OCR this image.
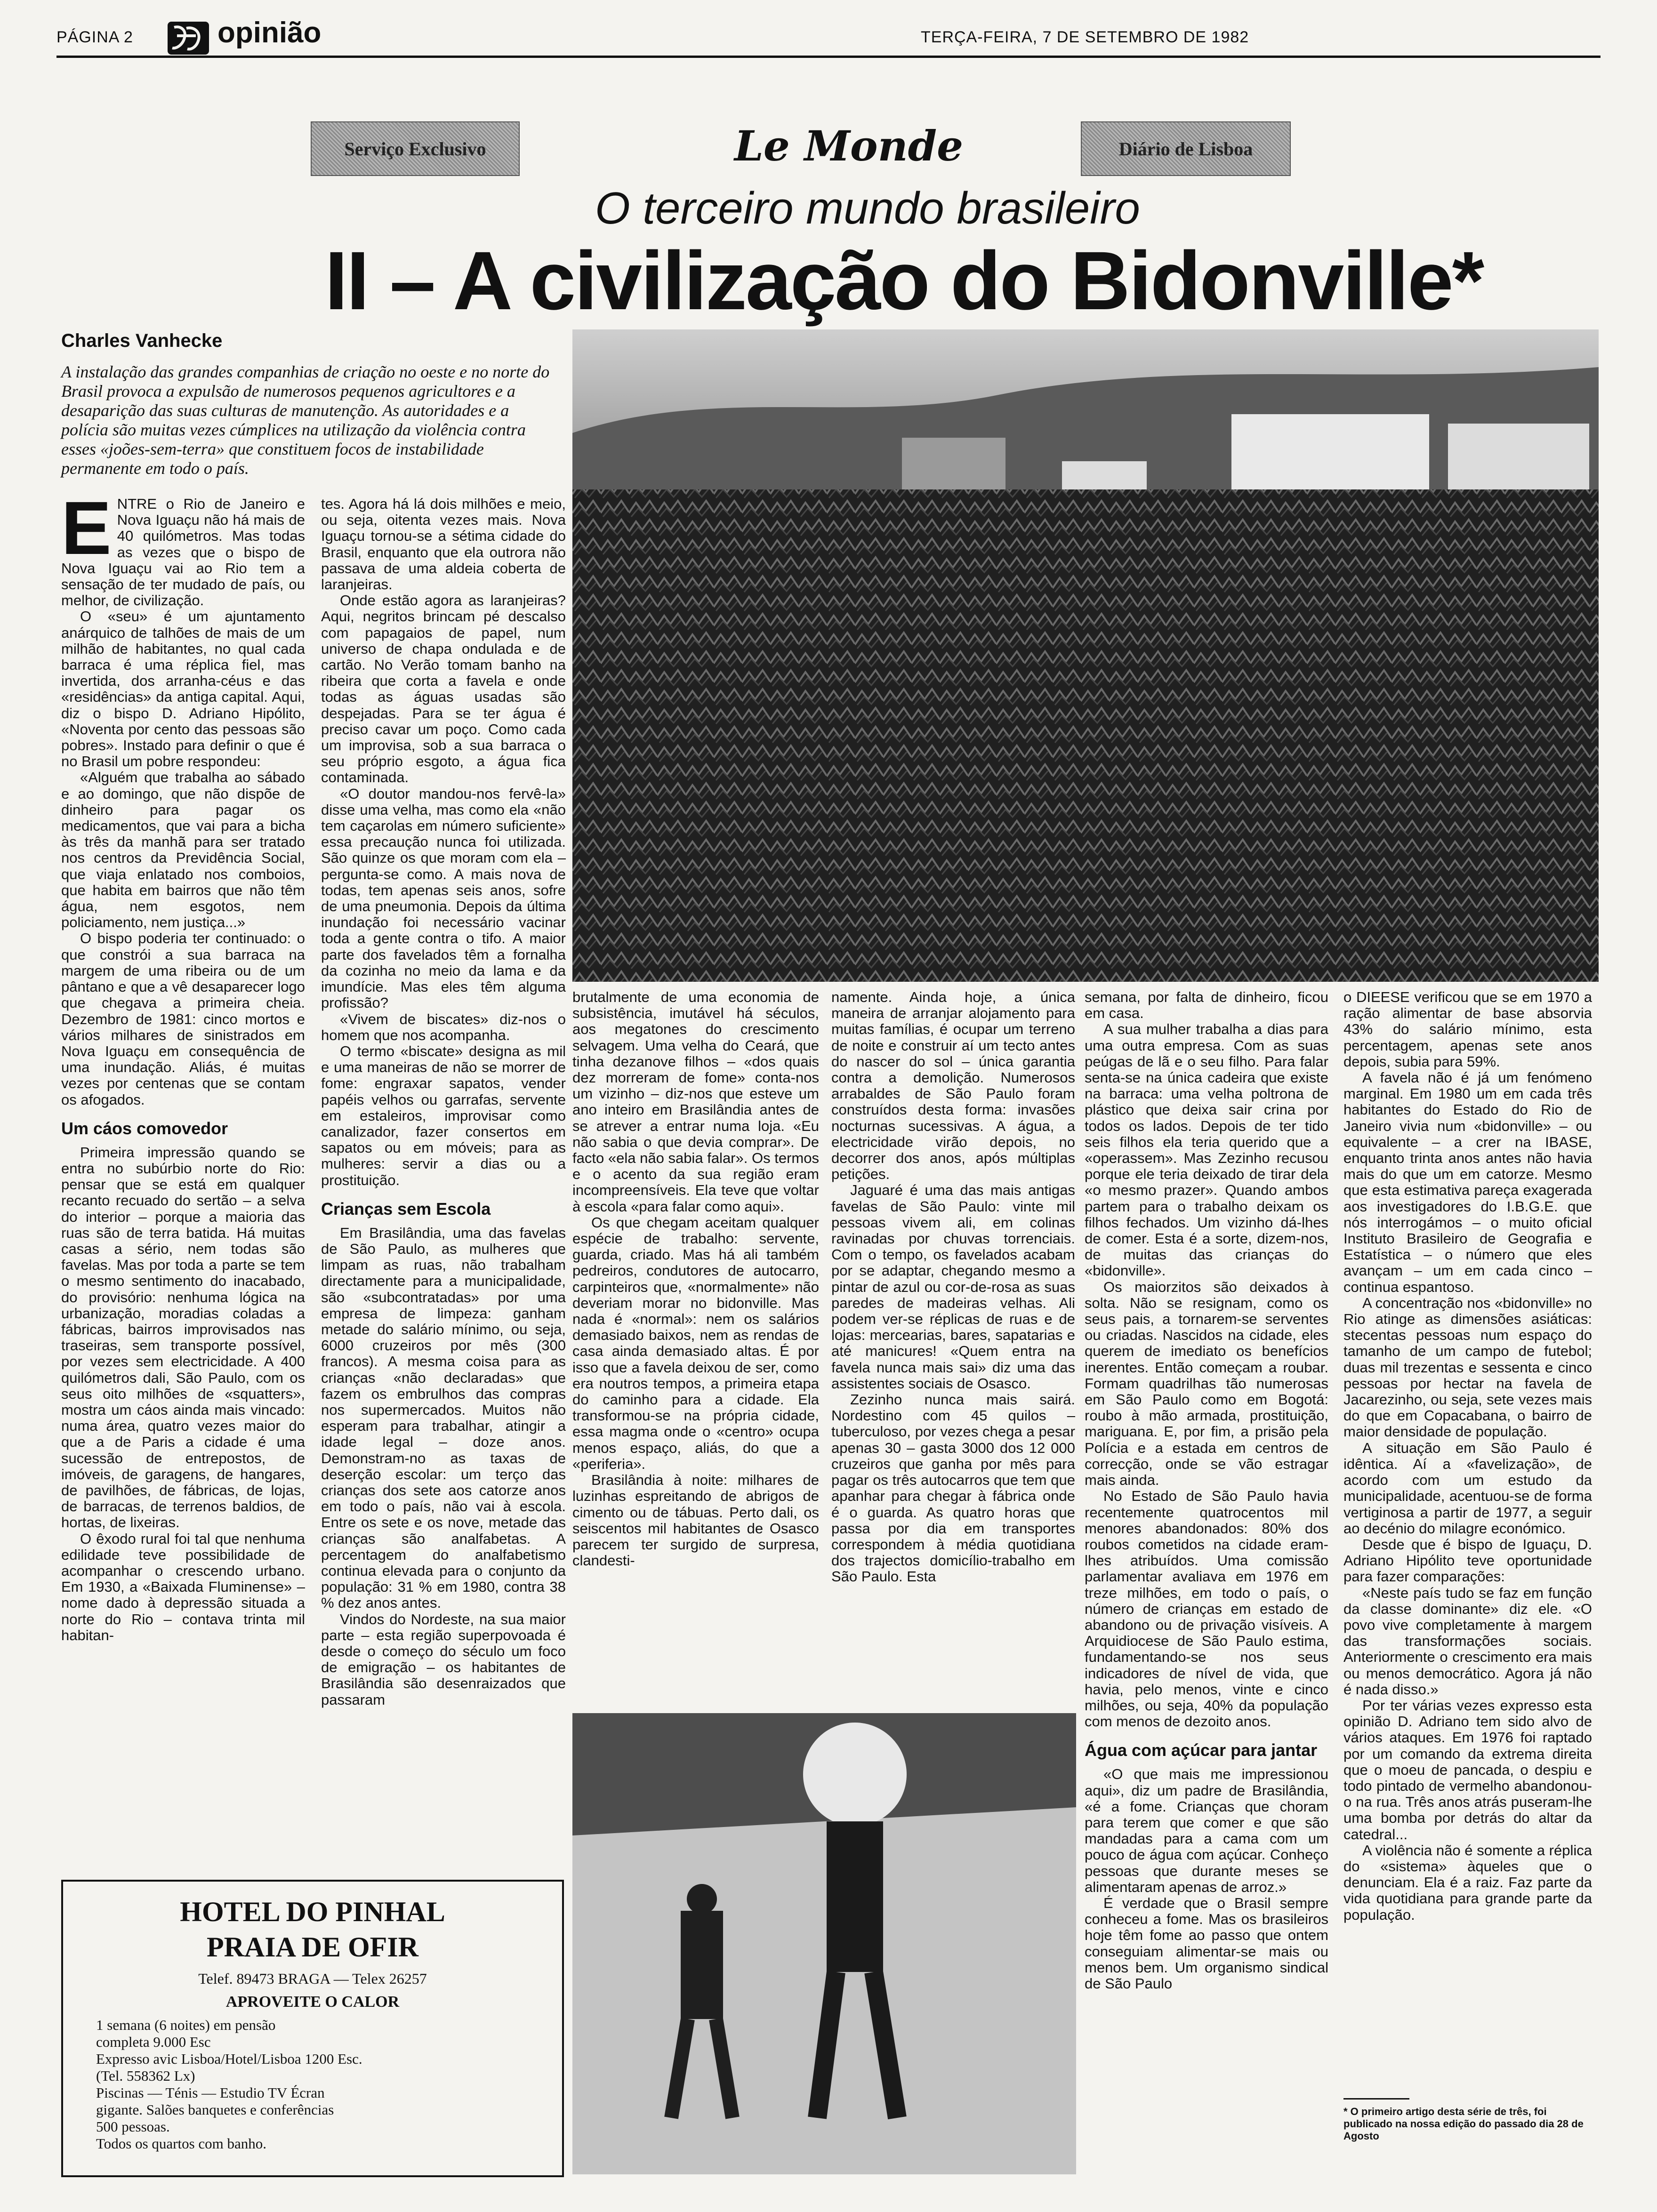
PÁGINA 2	opinião	TERÇA-FEIRA, 7 DE SETEMBRO DE 1982
Serviço Exclusivo	Le Monde	Diário de Lisboa
O terceiro mundo brasileiro
II – A civilização do Bidonville*
Charles Vanhecke
A instalação das grandes companhias de criação no oeste e no norte do Brasil provoca a expulsão de numerosos pequenos agricultores e a desaparição das suas culturas de manutenção. As autoridades e a polícia são muitas vezes cúmplices na utilização da violência contra esses «joões-sem-terra» que constituem focos de instabilidade permanente em todo o país.
E NTRE o Rio de Janeiro e Nova Iguaçu não há mais de 40 quilómetros. Mas todas as vezes que o bispo de Nova Iguaçu vai ao Rio tem a sensação de ter mudado de país, ou melhor, de civilização.

O «seu» é um ajuntamento anárquico de talhões de mais de um milhão de habitantes, no qual cada barraca é uma réplica fiel, mas invertida, dos arranha-céus e das «residências» da antiga capital. Aqui, diz o bispo D. Adriano Hipólito, «Noventa por cento das pessoas são pobres». Instado para definir o que é no Brasil um pobre respondeu:

«Alguém que trabalha ao sábado e ao domingo, que não dispõe de dinheiro para pagar os medicamentos, que vai para a bicha às três da manhã para ser tratado nos centros da Previdência Social, que viaja enlatado nos comboios, que habita em bairros que não têm água, nem esgotos, nem policiamento, nem justiça...»

O bispo poderia ter continuado: o que constrói a sua barraca na margem de uma ribeira ou de um pântano e que a vê desaparecer logo que chegava a primeira cheia. Dezembro de 1981: cinco mortos e vários milhares de sinistrados em Nova Iguaçu em consequência de uma inundação. Aliás, é muitas vezes por centenas que se contam os afogados.

Um cáos comovedor

Primeira impressão quando se entra no subúrbio norte do Rio: pensar que se está em qualquer recanto recuado do sertão – a selva do interior – porque a maioria das ruas são de terra batida. Há muitas casas a sério, nem todas são favelas. Mas por toda a parte se tem o mesmo sentimento do inacabado, do provisório: nenhuma lógica na urbanização, moradias coladas a fábricas, bairros improvisados nas traseiras, sem transporte possível, por vezes sem electricidade. A 400 quilómetros dali, São Paulo, com os seus oito milhões de «squatters», mostra um cáos ainda mais vincado: numa área, quatro vezes maior do que a de Paris a cidade é uma sucessão de entrepostos, de imóveis, de garagens, de hangares, de pavilhões, de fábricas, de lojas, de barracas, de terrenos baldios, de hortas, de lixeiras.

O êxodo rural foi tal que nenhuma edilidade teve possibilidade de acompanhar o crescendo urbano. Em 1930, a «Baixada Fluminense» – nome dado à depressão situada a norte do Rio – contava trinta mil habitan-

tes. Agora há lá dois milhões e meio, ou seja, oitenta vezes mais. Nova Iguaçu tornou-se a sétima cidade do Brasil, enquanto que ela outrora não passava de uma aldeia coberta de laranjeiras.

Onde estão agora as laranjeiras? Aqui, negritos brincam pé descalso com papagaios de papel, num universo de chapa ondulada e de cartão. No Verão tomam banho na ribeira que corta a favela e onde todas as águas usadas são despejadas. Para se ter água é preciso cavar um poço. Como cada um improvisa, sob a sua barraca o seu próprio esgoto, a água fica contaminada.

«O doutor mandou-nos fervê-la» disse uma velha, mas como ela «não tem caçarolas em número suficiente» essa precaução nunca foi utilizada. São quinze os que moram com ela – pergunta-se como. A mais nova de todas, tem apenas seis anos, sofre de uma pneumonia. Depois da última inundação foi necessário vacinar toda a gente contra o tifo. A maior parte dos favelados têm a fornalha da cozinha no meio da lama e da imundície. Mas eles têm alguma profissão?

«Vivem de biscates» diz-nos o homem que nos acompanha.

O termo «biscate» designa as mil e uma maneiras de não se morrer de fome: engraxar sapatos, vender papéis velhos ou garrafas, servente em estaleiros, improvisar como canalizador, fazer consertos em sapatos ou em móveis; para as mulheres: servir a dias ou a prostituição.

Crianças sem Escola

Em Brasilândia, uma das favelas de São Paulo, as mulheres que limpam as ruas, não trabalham directamente para a municipalidade, são «subcontratadas» por uma empresa de limpeza: ganham metade do salário mínimo, ou seja, 6000 cruzeiros por mês (300 francos). A mesma coisa para as crianças «não declaradas» que fazem os embrulhos das compras nos supermercados. Muitos não esperam para trabalhar, atingir a idade legal – doze anos. Demonstram-no as taxas de deserção escolar: um terço das crianças dos sete aos catorze anos em todo o país, não vai à escola. Entre os sete e os nove, metade das crianças são analfabetas. A percentagem do analfabetismo continua elevada para o conjunto da população: 31 % em 1980, contra 38 % dez anos antes.

Vindos do Nordeste, na sua maior parte – esta região superpovoada é desde o começo do século um foco de emigração – os habitantes de Brasilândia são desenraizados que passaram

brutalmente de uma economia de subsistência, imutável há séculos, aos megatones do crescimento selvagem. Uma velha do Ceará, que tinha dezanove filhos – «dos quais dez morreram de fome» conta-nos um vizinho – diz-nos que esteve um ano inteiro em Brasilândia antes de se atrever a entrar numa loja. «Eu não sabia o que devia comprar». De facto «ela não sabia falar». Os termos e o acento da sua região eram incompreensíveis. Ela teve que voltar à escola «para falar como aqui».

Os que chegam aceitam qualquer espécie de trabalho: servente, guarda, criado. Mas há ali também pedreiros, condutores de autocarro, carpinteiros que, «normalmente» não deveriam morar no bidonville. Mas nada é «normal»: nem os salários demasiado baixos, nem as rendas de casa ainda demasiado altas. É por isso que a favela deixou de ser, como era noutros tempos, a primeira etapa do caminho para a cidade. Ela transformou-se na própria cidade, essa magma onde o «centro» ocupa menos espaço, aliás, do que a «periferia».

Brasilândia à noite: milhares de luzinhas espreitando de abrigos de cimento ou de tábuas. Perto dali, os seiscentos mil habitantes de Osasco parecem ter surgido de surpresa, clandesti-

namente. Ainda hoje, a única maneira de arranjar alojamento para muitas famílias, é ocupar um terreno de noite e construir aí um tecto antes do nascer do sol – única garantia contra a demolição. Numerosos arrabaldes de São Paulo foram construídos desta forma: invasões nocturnas sucessivas. A água, a electricidade virão depois, no decorrer dos anos, após múltiplas petições.

Jaguaré é uma das mais antigas favelas de São Paulo: vinte mil pessoas vivem ali, em colinas ravinadas por chuvas torrenciais. Com o tempo, os favelados acabam por se adaptar, chegando mesmo a pintar de azul ou cor-de-rosa as suas paredes de madeiras velhas. Ali podem ver-se réplicas de ruas e de lojas: mercearias, bares, sapatarias e até manicures! «Quem entra na favela nunca mais sai» diz uma das assistentes sociais de Osasco.

Zezinho nunca mais sairá. Nordestino com 45 quilos – tuberculoso, por vezes chega a pesar apenas 30 – gasta 3000 dos 12 000 cruzeiros que ganha por mês para pagar os três autocarros que tem que apanhar para chegar à fábrica onde é o guarda. As quatro horas que passa por dia em transportes correspondem à média quotidiana dos trajectos domicílio-trabalho em São Paulo. Esta

semana, por falta de dinheiro, ficou em casa.

A sua mulher trabalha a dias para uma outra empresa. Com as suas peúgas de lã e o seu filho. Para falar senta-se na única cadeira que existe na barraca: uma velha poltrona de plástico que deixa sair crina por todos os lados. Depois de ter tido seis filhos ela teria querido que a «operassem». Mas Zezinho recusou porque ele teria deixado de tirar dela «o mesmo prazer». Quando ambos partem para o trabalho deixam os filhos fechados. Um vizinho dá-lhes de comer. Esta é a sorte, dizem-nos, de muitas das crianças do «bidonville».

Os maiorzitos são deixados à solta. Não se resignam, como os seus pais, a tornarem-se serventes ou criadas. Nascidos na cidade, eles querem de imediato os benefícios inerentes. Então começam a roubar. Formam quadrilhas tão numerosas em São Paulo como em Bogotá: roubo à mão armada, prostituição, mariguana. E, por fim, a prisão pela Polícia e a estada em centros de correcção, onde se vão estragar mais ainda.

No Estado de São Paulo havia recentemente quatrocentos mil menores abandonados: 80% dos roubos cometidos na cidade eram-lhes atribuídos. Uma comissão parlamentar avaliava em 1976 em treze milhões, em todo o país, o número de crianças em estado de abandono ou de privação visíveis. A Arquidiocese de São Paulo estima, fundamentando-se nos seus indicadores de nível de vida, que havia, pelo menos, vinte e cinco milhões, ou seja, 40% da população com menos de dezoito anos.

Água com açúcar para jantar

«O que mais me impressionou aqui», diz um padre de Brasilândia, «é a fome. Crianças que choram para terem que comer e que são mandadas para a cama com um pouco de água com açúcar. Conheço pessoas que durante meses se alimentaram apenas de arroz.»

É verdade que o Brasil sempre conheceu a fome. Mas os brasileiros hoje têm fome ao passo que ontem conseguiam alimentar-se mais ou menos bem. Um organismo sindical de São Paulo

o DIEESE verificou que se em 1970 a ração alimentar de base absorvia 43% do salário mínimo, esta percentagem, apenas sete anos depois, subia para 59%.

A favela não é já um fenómeno marginal. Em 1980 um em cada três habitantes do Estado do Rio de Janeiro vivia num «bidonville» – ou equivalente – a crer na IBASE, enquanto trinta anos antes não havia mais do que um em catorze. Mesmo que esta estimativa pareça exagerada aos investigadores do I.B.G.E. que nós interrogámos – o muito oficial Instituto Brasileiro de Geografia e Estatística – o número que eles avançam – um em cada cinco – continua espantoso.

A concentração nos «bidonville» no Rio atinge as dimensões asiáticas: stecentas pessoas num espaço do tamanho de um campo de futebol; duas mil trezentas e sessenta e cinco pessoas por hectar na favela de Jacarezinho, ou seja, sete vezes mais do que em Copacabana, o bairro de maior densidade de população.

A situação em São Paulo é idêntica. Aí a «favelização», de acordo com um estudo da municipalidade, acentuou-se de forma vertiginosa a partir de 1977, a seguir ao decénio do milagre económico.

Desde que é bispo de Iguaçu, D. Adriano Hipólito teve oportunidade para fazer comparações:

«Neste país tudo se faz em função da classe dominante» diz ele. «O povo vive completamente à margem das transformações sociais. Anteriormente o crescimento era mais ou menos democrático. Agora já não é nada disso.»

Por ter várias vezes expresso esta opinião D. Adriano tem sido alvo de vários ataques. Em 1976 foi raptado por um comando da extrema direita que o moeu de pancada, o despiu e todo pintado de vermelho abandonou-o na rua. Três anos atrás puseram-lhe uma bomba por detrás do altar da catedral...

A violência não é somente a réplica do «sistema» àqueles que o denunciam. Ela é a raiz. Faz parte da vida quotidiana para grande parte da população.

* O primeiro artigo desta série de três, foi publicado na nossa edição do passado dia 28 de Agosto
HOTEL DO PINHAL
PRAIA DE OFIR
Telef. 89473 BRAGA — Telex 26257
APROVEITE O CALOR
1 semana (6 noites) em pensão
completa 9.000 Esc
Expresso avic Lisboa/Hotel/Lisboa 1200 Esc.
(Tel. 558362 Lx)
Piscinas — Ténis — Estudio TV Écran
gigante. Salões banquetes e conferências
500 pessoas.
Todos os quartos com banho.
